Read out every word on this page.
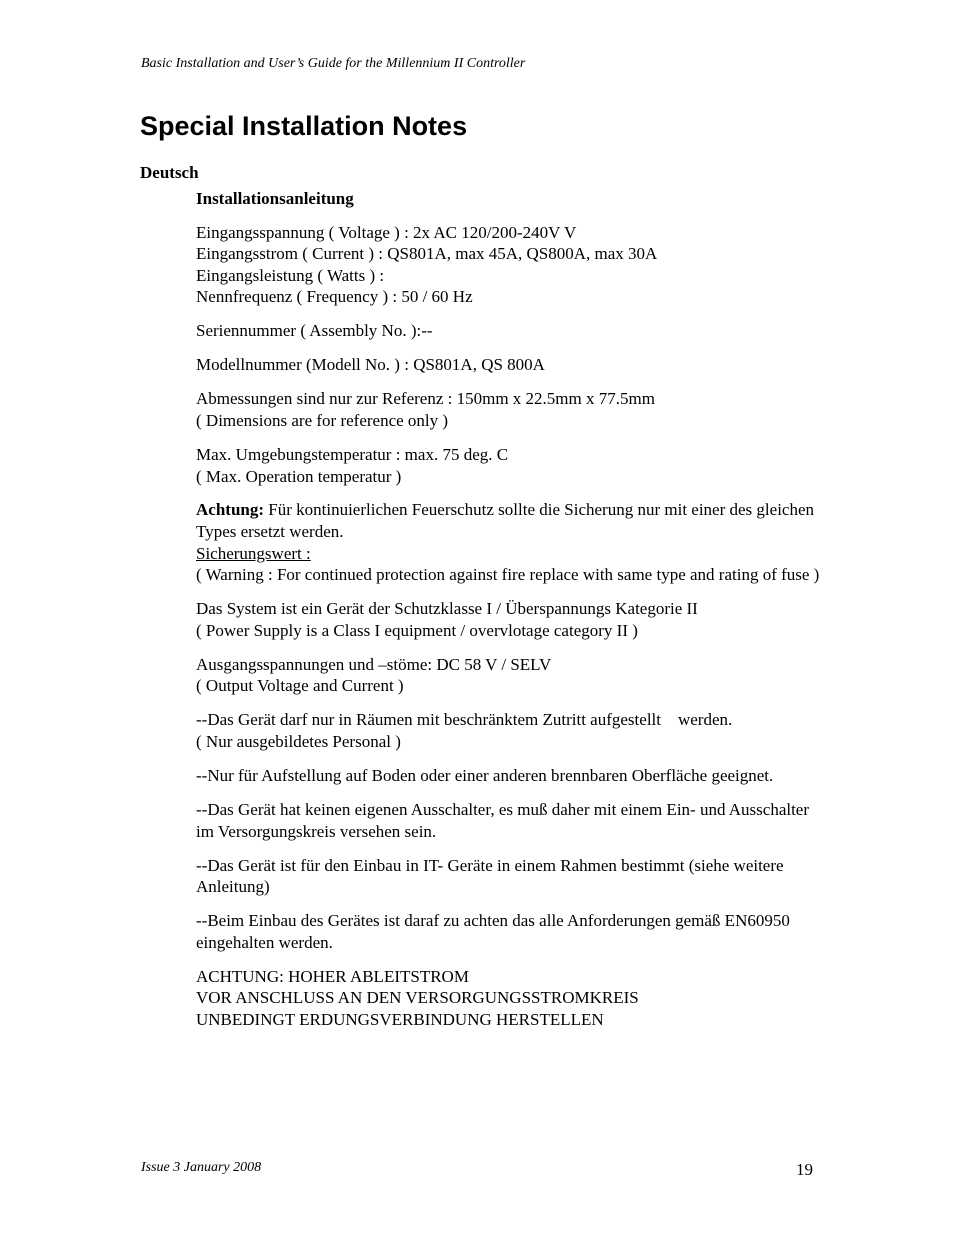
Basic Installation and User’s Guide for the Millennium II Controller
Special Installation Notes
Deutsch
Installationsanleitung
Eingangsspannung ( Voltage ) : 2x AC 120/200-240V V
Eingangsstrom ( Current ) : QS801A, max 45A, QS800A, max 30A
Eingangsleistung ( Watts ) :
Nennfrequenz ( Frequency ) : 50 / 60 Hz
Seriennummer ( Assembly No. ):--
Modellnummer (Modell No. ) : QS801A, QS 800A
Abmessungen sind nur zur Referenz : 150mm x 22.5mm x 77.5mm
( Dimensions are for reference only )
Max. Umgebungstemperatur : max. 75 deg. C
( Max. Operation temperatur )
Achtung: Für kontinuierlichen Feuerschutz sollte die Sicherung nur mit einer des gleichen Types ersetzt werden.
Sicherungswert :
( Warning : For continued protection against fire replace with same type and rating of fuse )
Das System ist ein Gerät der Schutzklasse I / Überspannungs Kategorie II
( Power Supply is a Class I equipment / overvlotage category II )
Ausgangsspannungen und –stöme: DC 58 V / SELV
( Output Voltage and Current )
--Das Gerät darf nur in Räumen mit beschränktem Zutritt aufgestellt    werden.
( Nur ausgebildetes Personal )
--Nur für Aufstellung auf Boden oder einer anderen brennbaren Oberfläche geeignet.
--Das Gerät hat keinen eigenen Ausschalter, es muß daher mit einem Ein- und Ausschalter im Versorgungskreis versehen sein.
--Das Gerät ist für den Einbau in IT- Geräte in einem Rahmen bestimmt (siehe weitere Anleitung)
--Beim Einbau des Gerätes ist daraf zu achten das alle Anforderungen gemäß EN60950 eingehalten werden.
ACHTUNG: HOHER ABLEITSTROM
VOR ANSCHLUSS AN DEN VERSORGUNGSSTROMKREIS
UNBEDINGT ERDUNGSVERBINDUNG HERSTELLEN
Issue 3 January 2008	19
